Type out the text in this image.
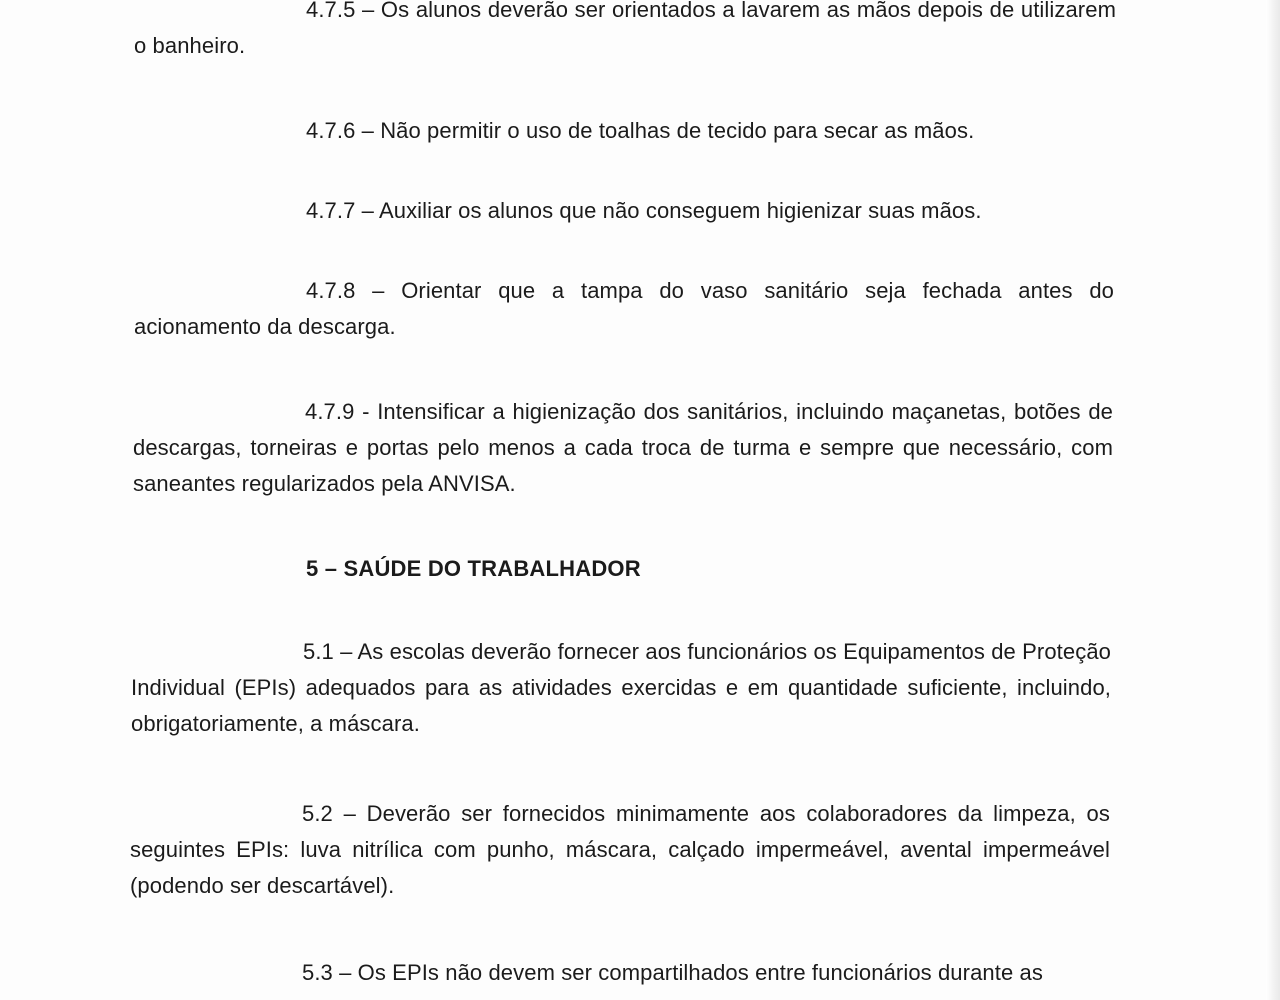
4.7.5 – Os alunos deverão ser orientados a lavarem as mãos depois de utilizarem o banheiro.

4.7.6 – Não permitir o uso de toalhas de tecido para secar as mãos.

4.7.7 – Auxiliar os alunos que não conseguem higienizar suas mãos.

4.7.8 – Orientar que a tampa do vaso sanitário seja fechada antes do acionamento da descarga.

4.7.9 - Intensificar a higienização dos sanitários, incluindo maçanetas, botões de descargas, torneiras e portas pelo menos a cada troca de turma e sempre que necessário, com saneantes regularizados pela ANVISA.

5 – SAÚDE DO TRABALHADOR

5.1 – As escolas deverão fornecer aos funcionários os Equipamentos de Proteção Individual (EPIs) adequados para as atividades exercidas e em quantidade suficiente, incluindo, obrigatoriamente, a máscara.

5.2 – Deverão ser fornecidos minimamente aos colaboradores da limpeza, os seguintes EPIs: luva nitrílica com punho, máscara, calçado impermeável, avental impermeável (podendo ser descartável).

5.3 – Os EPIs não devem ser compartilhados entre funcionários durante as
